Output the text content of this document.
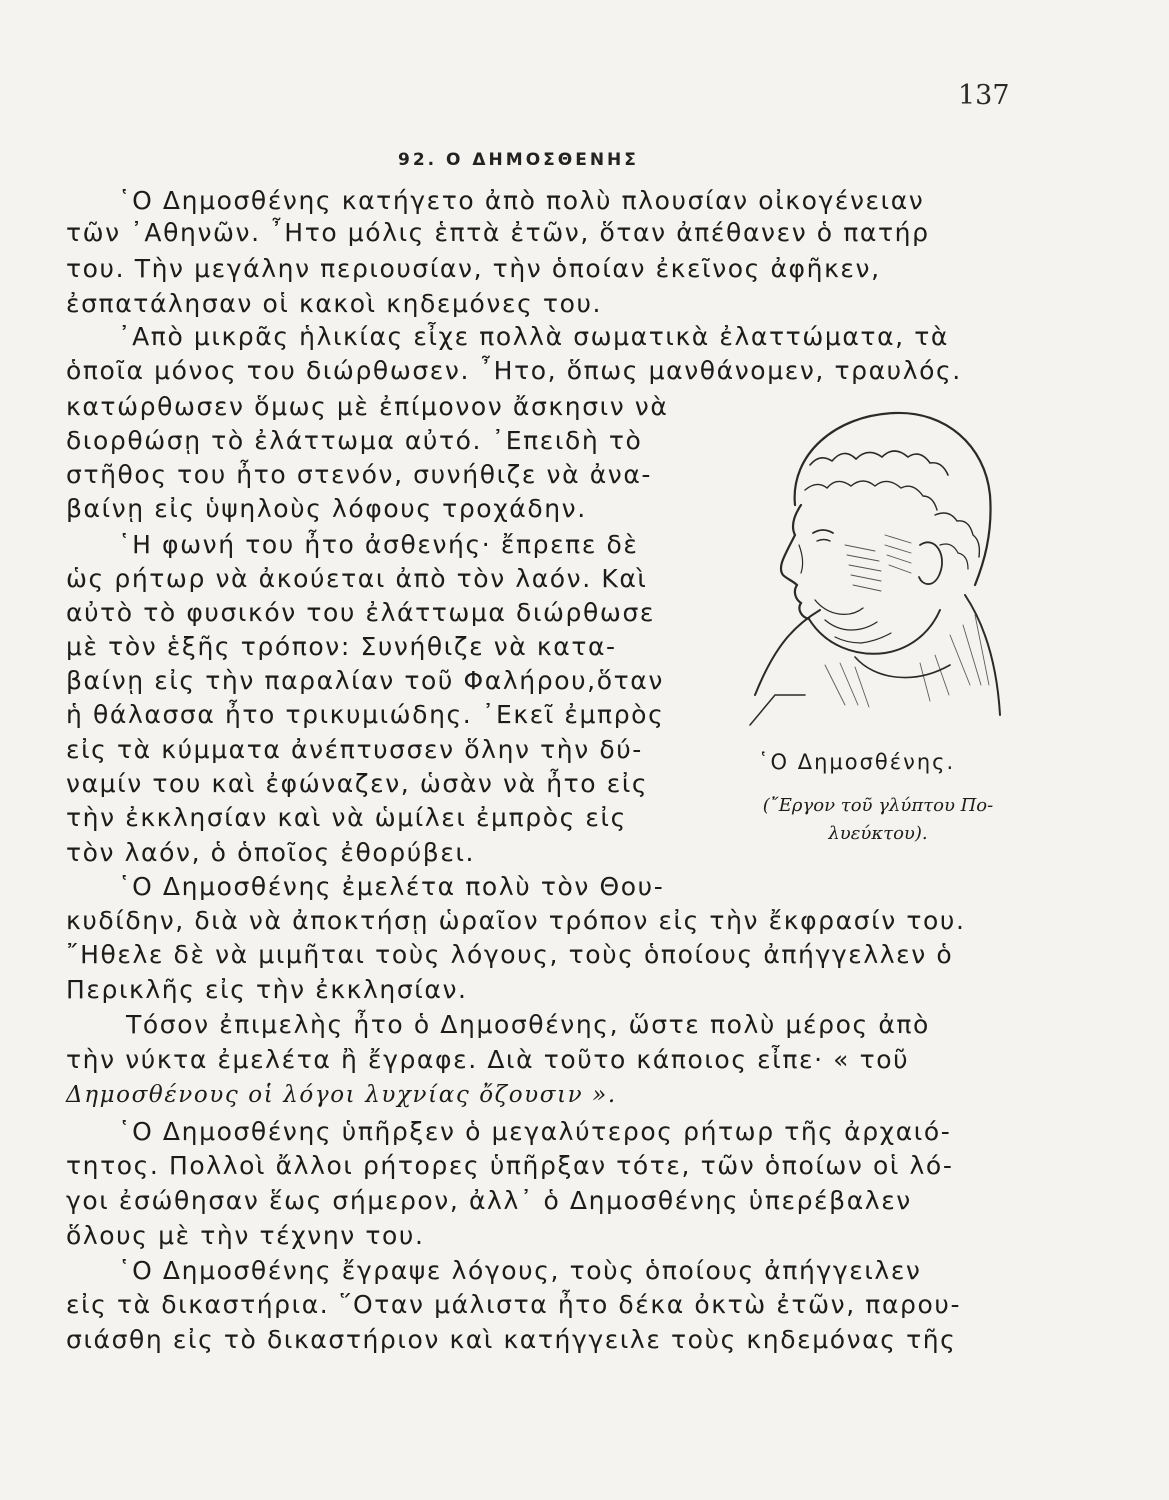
137
92. Ο ΔΗΜΟΣΘΕΝΗΣ
῾Ο Δημοσθένης κατήγετο ἀπὸ πολὺ πλουσίαν οἰκογένειαν
τῶν ᾿Αθηνῶν. ῏Ητο μόλις ἑπτὰ ἐτῶν, ὅταν ἀπέθανεν ὁ πατήρ
του. Τὴν μεγάλην περιουσίαν, τὴν ὁποίαν ἐκεῖνος ἀφῆκεν,
ἐσπατάλησαν οἱ κακοὶ κηδεμόνες του.
᾿Απὸ μικρᾶς ἡλικίας εἶχε πολλὰ σωματικὰ ἐλαττώματα, τὰ
ὁποῖα μόνος του διώρθωσεν. ῏Ητο, ὅπως μανθάνομεν, τραυλός.
κατώρθωσεν ὅμως μὲ ἐπίμονον ἄσκησιν νὰ
διορθώσῃ τὸ ἐλάττωμα αὐτό. ᾿Επειδὴ τὸ
στῆθος του ἦτο στενόν, συνήθιζε νὰ ἀνα-
βαίνῃ εἰς ὑψηλοὺς λόφους τροχάδην.
῾Η φωνή του ἦτο ἀσθενής· ἔπρεπε δὲ
ὡς ρήτωρ νὰ ἀκούεται ἀπὸ τὸν λαόν. Καὶ
αὐτὸ τὸ φυσικόν του ἐλάττωμα διώρθωσε
μὲ τὸν ἑξῆς τρόπον: Συνήθιζε νὰ κατα-
βαίνῃ εἰς τὴν παραλίαν τοῦ Φαλήρου,ὅταν
ἡ θάλασσα ἦτο τρικυμιώδης. ᾿Εκεῖ ἐμπρὸς
εἰς τὰ κύμματα ἀνέπτυσσεν ὅλην τὴν δύ-
ναμίν του καὶ ἐφώναζεν, ὡσὰν νὰ ἦτο εἰς
τὴν ἐκκλησίαν καὶ νὰ ὡμίλει ἐμπρὸς εἰς
τὸν λαόν, ὁ ὁποῖος ἐθορύβει.
῾Ο Δημοσθένης ἐμελέτα πολὺ τὸν Θου-
κυδίδην, διὰ νὰ ἀποκτήσῃ ὡραῖον τρόπον εἰς τὴν ἔκφρασίν του.
῎Ηθελε δὲ νὰ μιμῆται τοὺς λόγους, τοὺς ὁποίους ἀπήγγελλεν ὁ
Περικλῆς εἰς τὴν ἐκκλησίαν.
Τόσον ἐπιμελὴς ἦτο ὁ Δημοσθένης, ὥστε πολὺ μέρος ἀπὸ
τὴν νύκτα ἐμελέτα ἢ ἔγραφε. Διὰ τοῦτο κάποιος εἶπε· « τοῦ
Δημοσθένους οἱ λόγοι λυχνίας ὄζουσιν ».
῾Ο Δημοσθένης ὑπῆρξεν ὁ μεγαλύτερος ρήτωρ τῆς ἀρχαιό-
τητος. Πολλοὶ ἄλλοι ρήτορες ὑπῆρξαν τότε, τῶν ὁποίων οἱ λό-
γοι ἐσώθησαν ἕως σήμερον, ἀλλ᾿ ὁ Δημοσθένης ὑπερέβαλεν
ὅλους μὲ τὴν τέχνην του.
῾Ο Δημοσθένης ἔγραψε λόγους, τοὺς ὁποίους ἀπήγγειλεν
εἰς τὰ δικαστήρια. ῞Οταν μάλιστα ἦτο δέκα ὀκτὼ ἐτῶν, παρου-
σιάσθη εἰς τὸ δικαστήριον καὶ κατήγγειλε τοὺς κηδεμόνας τῆς
῾Ο Δημοσθένης.
(῎Εργον τοῦ γλύπτου Πο-λυεύκτου).
